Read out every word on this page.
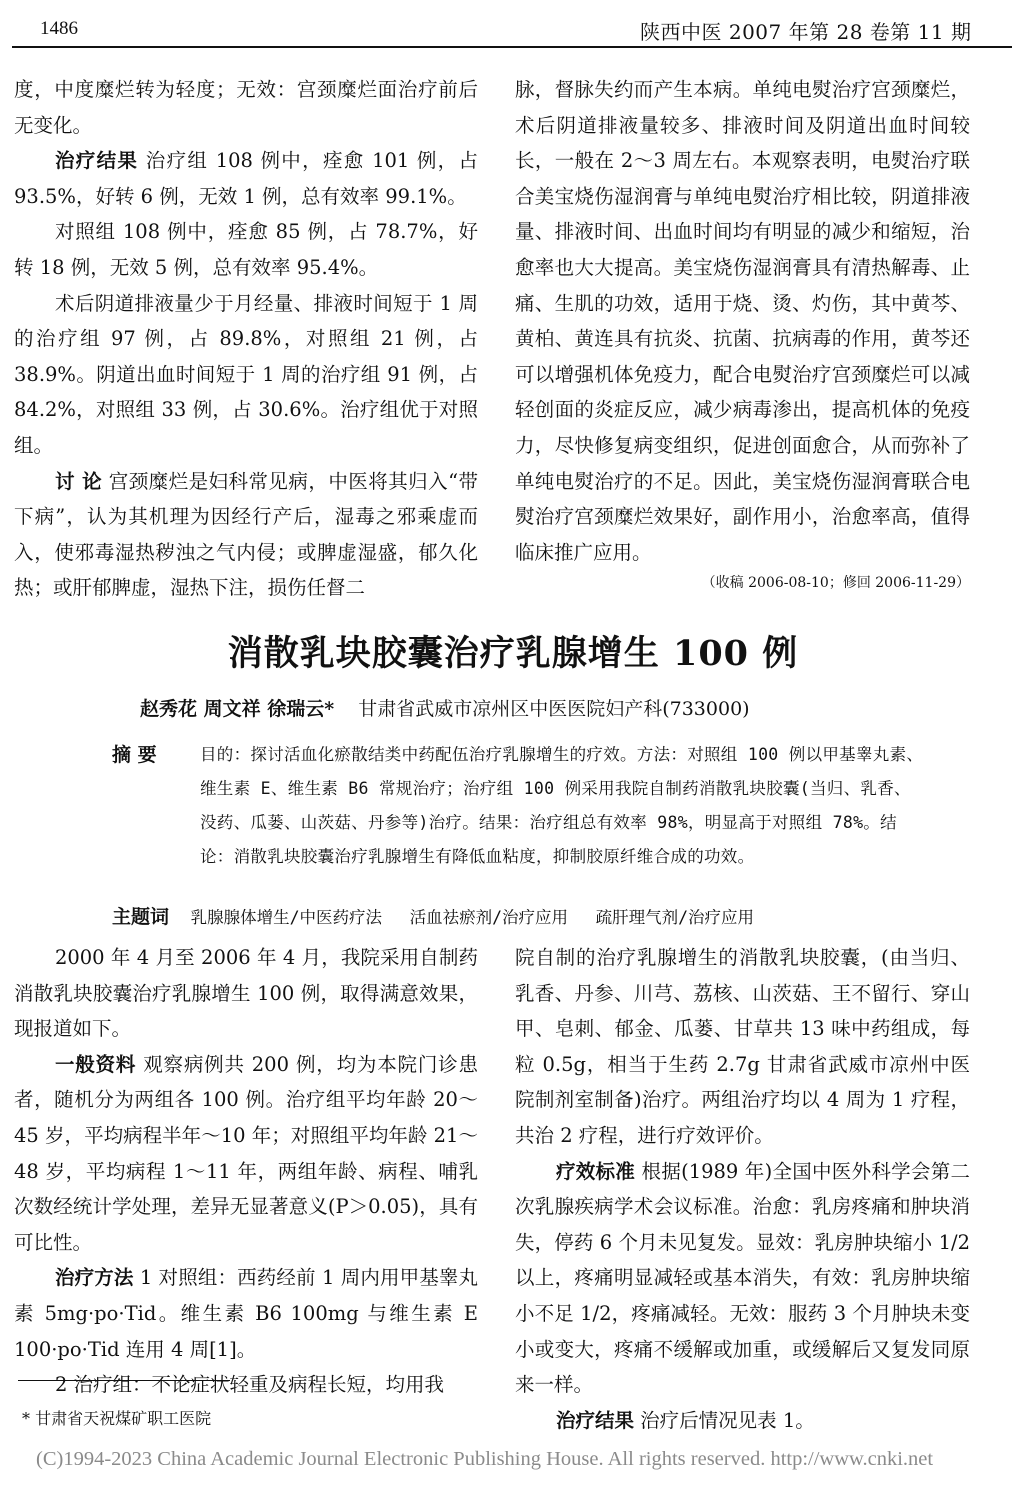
1486	陕西中医 2007 年第 28 卷第 11 期

度，中度糜烂转为轻度；无效：宫颈糜烂面治疗前后无变化。

治疗结果 治疗组 108 例中，痊愈 101 例，占 93.5%，好转 6 例，无效 1 例，总有效率 99.1%。

对照组 108 例中，痊愈 85 例，占 78.7%，好转 18 例，无效 5 例，总有效率 95.4%。

术后阴道排液量少于月经量、排液时间短于 1 周的治疗组 97 例，占 89.8%，对照组 21 例，占 38.9%。阴道出血时间短于 1 周的治疗组 91 例，占 84.2%，对照组 33 例，占 30.6%。治疗组优于对照组。

讨 论 宫颈糜烂是妇科常见病，中医将其归入“带下病”，认为其机理为因经行产后，湿毒之邪乘虚而入，使邪毒湿热秽浊之气内侵；或脾虚湿盛，郁久化热；或肝郁脾虚，湿热下注，损伤任督二

脉，督脉失约而产生本病。单纯电熨治疗宫颈糜烂，术后阴道排液量较多、排液时间及阴道出血时间较长，一般在 2～3 周左右。本观察表明，电熨治疗联合美宝烧伤湿润膏与单纯电熨治疗相比较，阴道排液量、排液时间、出血时间均有明显的减少和缩短，治愈率也大大提高。美宝烧伤湿润膏具有清热解毒、止痛、生肌的功效，适用于烧、烫、灼伤，其中黄芩、黄柏、黄连具有抗炎、抗菌、抗病毒的作用，黄芩还可以增强机体免疫力，配合电熨治疗宫颈糜烂可以减轻创面的炎症反应，减少病毒渗出，提高机体的免疫力，尽快修复病变组织，促进创面愈合，从而弥补了单纯电熨治疗的不足。因此，美宝烧伤湿润膏联合电熨治疗宫颈糜烂效果好，副作用小，治愈率高，值得临床推广应用。

（收稿 2006-08-10；修回 2006-11-29）

消散乳块胶囊治疗乳腺增生 100 例
赵秀花 周文祥 徐瑞云* 甘肃省武威市凉州区中医医院妇产科(733000)
摘 要	目的：探讨活血化瘀散结类中药配伍治疗乳腺增生的疗效。方法：对照组 100 例以甲基睾丸素、维生素 E、维生素 B6 常规治疗；治疗组 100 例采用我院自制药消散乳块胶囊(当归、乳香、没药、瓜蒌、山茨菇、丹参等)治疗。结果：治疗组总有效率 98%，明显高于对照组 78%。结论：消散乳块胶囊治疗乳腺增生有降低血粘度，抑制胶原纤维合成的功效。
主题词 乳腺腺体增生/中医药疗法 活血祛瘀剂/治疗应用 疏肝理气剂/治疗应用

2000 年 4 月至 2006 年 4 月，我院采用自制药消散乳块胶囊治疗乳腺增生 100 例，取得满意效果，现报道如下。

一般资料 观察病例共 200 例，均为本院门诊患者，随机分为两组各 100 例。治疗组平均年龄 20～45 岁，平均病程半年～10 年；对照组平均年龄 21～48 岁，平均病程 1～11 年，两组年龄、病程、哺乳次数经统计学处理，差异无显著意义(P＞0.05)，具有可比性。

治疗方法 1 对照组：西药经前 1 周内用甲基睾丸素 5mg·po·Tid。维生素 B6 100mg 与维生素 E 100·po·Tid 连用 4 周[1]。

2 治疗组：不论症状轻重及病程长短，均用我

院自制的治疗乳腺增生的消散乳块胶囊，(由当归、乳香、丹参、川芎、荔核、山茨菇、王不留行、穿山甲、皂刺、郁金、瓜蒌、甘草共 13 味中药组成，每粒 0.5g，相当于生药 2.7g 甘肃省武威市凉州中医院制剂室制备)治疗。两组治疗均以 4 周为 1 疗程，共治 2 疗程，进行疗效评价。

疗效标准 根据(1989 年)全国中医外科学会第二次乳腺疾病学术会议标准。治愈：乳房疼痛和肿块消失，停药 6 个月未见复发。显效：乳房肿块缩小 1/2 以上，疼痛明显减轻或基本消失，有效：乳房肿块缩小不足 1/2，疼痛减轻。无效：服药 3 个月肿块未变小或变大，疼痛不缓解或加重，或缓解后又复发同原来一样。

治疗结果 治疗后情况见表 1。

* 甘肃省天祝煤矿职工医院
(C)1994-2023 China Academic Journal Electronic Publishing House. All rights reserved. http://www.cnki.net
